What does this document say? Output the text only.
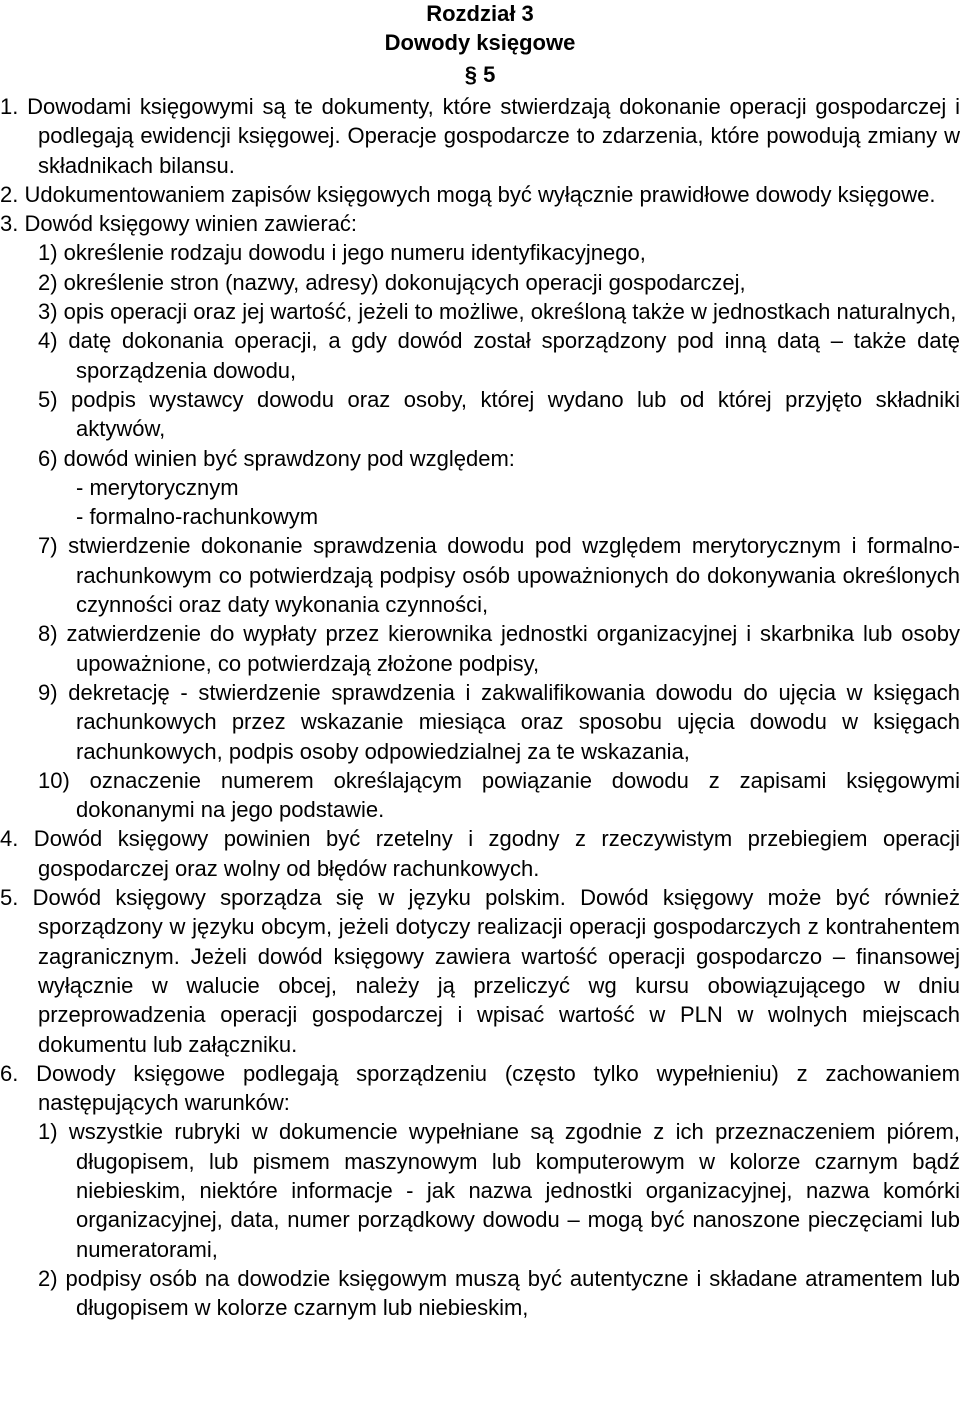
Rozdział 3
Dowody księgowe
§ 5

1. Dowodami księgowymi są te dokumenty, które stwierdzają dokonanie operacji gospodarczej i podlegają ewidencji księgowej. Operacje gospodarcze to zdarzenia, które powodują zmiany w składnikach bilansu.

2. Udokumentowaniem zapisów księgowych mogą być wyłącznie prawidłowe dowody księgowe.

3. Dowód księgowy winien zawierać:

1) określenie rodzaju dowodu i jego numeru identyfikacyjnego,

2) określenie stron (nazwy, adresy) dokonujących operacji gospodarczej,

3) opis operacji oraz jej wartość, jeżeli to możliwe, określoną także w jednostkach naturalnych,

4) datę dokonania operacji, a gdy dowód został sporządzony pod inną datą – także datę sporządzenia dowodu,

5) podpis wystawcy dowodu oraz osoby, której wydano lub od której przyjęto składniki aktywów,

6) dowód winien być sprawdzony pod względem:

- merytorycznym

- formalno-rachunkowym

7) stwierdzenie dokonanie sprawdzenia dowodu pod względem merytorycznym i formalno-rachunkowym co potwierdzają podpisy osób upoważnionych do dokonywania określonych czynności oraz daty wykonania czynności,

8) zatwierdzenie do wypłaty przez kierownika jednostki organizacyjnej i skarbnika lub osoby upoważnione, co potwierdzają złożone podpisy,

9) dekretację - stwierdzenie sprawdzenia i zakwalifikowania dowodu do ujęcia w księgach rachunkowych przez wskazanie miesiąca oraz sposobu ujęcia dowodu w księgach rachunkowych, podpis osoby odpowiedzialnej za te wskazania,

10) oznaczenie numerem określającym powiązanie dowodu z zapisami księgowymi dokonanymi na jego podstawie.

4. Dowód księgowy powinien być rzetelny i zgodny z rzeczywistym przebiegiem operacji gospodarczej oraz wolny od błędów rachunkowych.

5. Dowód księgowy sporządza się w języku polskim. Dowód księgowy może być również sporządzony w języku obcym, jeżeli dotyczy realizacji operacji gospodarczych z kontrahentem zagranicznym. Jeżeli dowód księgowy zawiera wartość operacji gospodarczo – finansowej wyłącznie w walucie obcej, należy ją przeliczyć wg kursu obowiązującego w dniu przeprowadzenia operacji gospodarczej i wpisać wartość w PLN w wolnych miejscach dokumentu lub załączniku.

6. Dowody księgowe podlegają sporządzeniu (często tylko wypełnieniu) z zachowaniem następujących warunków:

1) wszystkie rubryki w dokumencie wypełniane są zgodnie z ich przeznaczeniem piórem, długopisem, lub pismem maszynowym lub komputerowym w kolorze czarnym bądź niebieskim, niektóre informacje - jak nazwa jednostki organizacyjnej, nazwa komórki organizacyjnej, data, numer porządkowy dowodu – mogą być nanoszone pieczęciami lub numeratorami,

2) podpisy osób na dowodzie księgowym muszą być autentyczne i składane atramentem lub długopisem w kolorze czarnym lub niebieskim,
